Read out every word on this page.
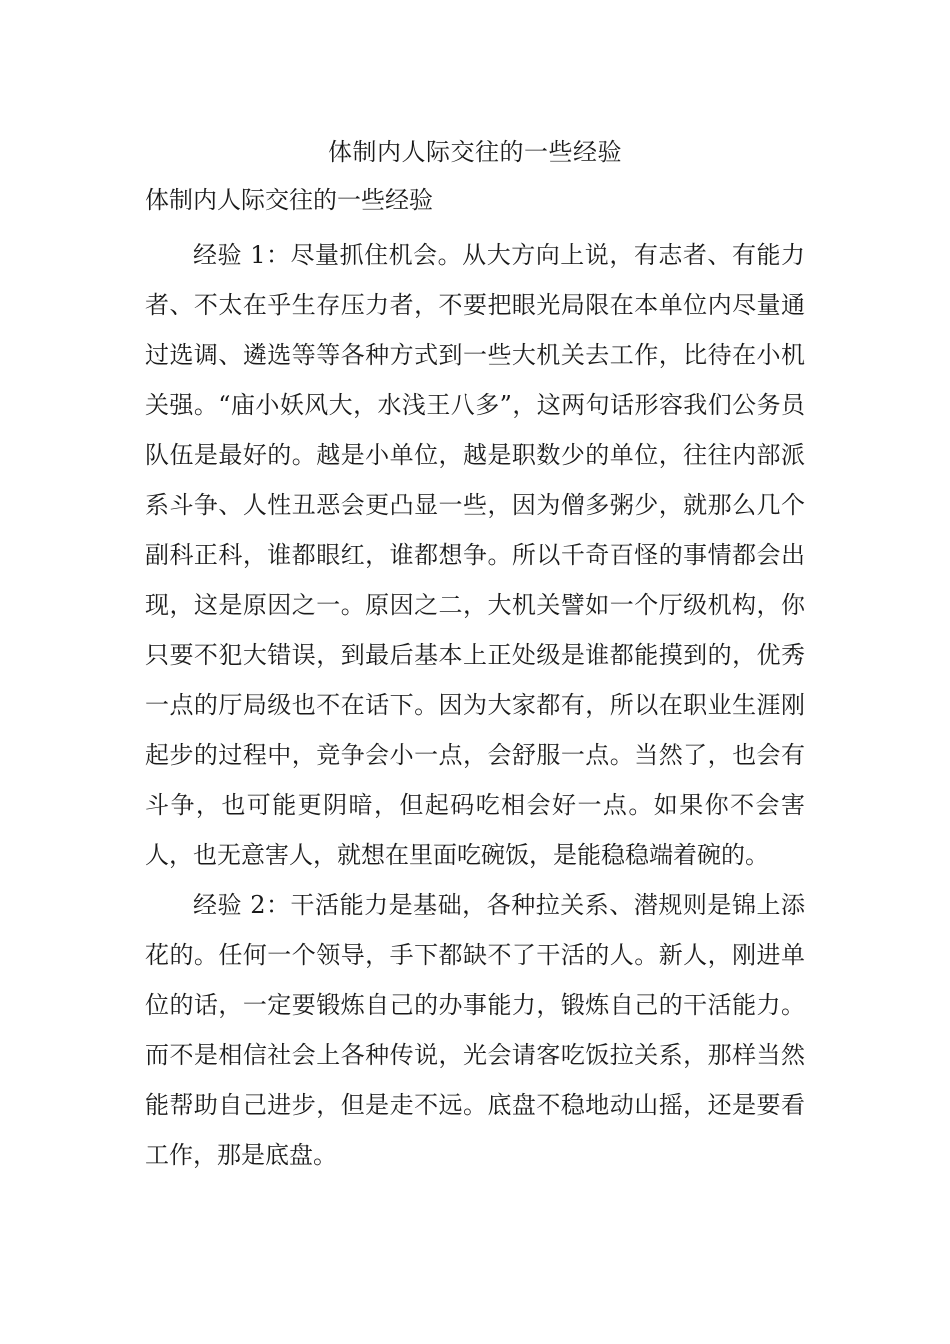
体制内人际交往的一些经验

体制内人际交往的一些经验

经验 1：尽量抓住机会。从大方向上说，有志者、有能力者、不太在乎生存压力者，不要把眼光局限在本单位内尽量通过选调、遴选等等各种方式到一些大机关去工作，比待在小机关强。“庙小妖风大，水浅王八多”，这两句话形容我们公务员队伍是最好的。越是小单位，越是职数少的单位，往往内部派系斗争、人性丑恶会更凸显一些，因为僧多粥少，就那么几个副科正科，谁都眼红，谁都想争。所以千奇百怪的事情都会出现，这是原因之一。原因之二，大机关譬如一个厅级机构，你只要不犯大错误，到最后基本上正处级是谁都能摸到的，优秀一点的厅局级也不在话下。因为大家都有，所以在职业生涯刚起步的过程中，竞争会小一点，会舒服一点。当然了，也会有斗争，也可能更阴暗，但起码吃相会好一点。如果你不会害人，也无意害人，就想在里面吃碗饭，是能稳稳端着碗的。

经验 2：干活能力是基础，各种拉关系、潜规则是锦上添花的。任何一个领导，手下都缺不了干活的人。新人，刚进单位的话，一定要锻炼自己的办事能力，锻炼自己的干活能力。而不是相信社会上各种传说，光会请客吃饭拉关系，那样当然能帮助自己进步，但是走不远。底盘不稳地动山摇，还是要看工作，那是底盘。
